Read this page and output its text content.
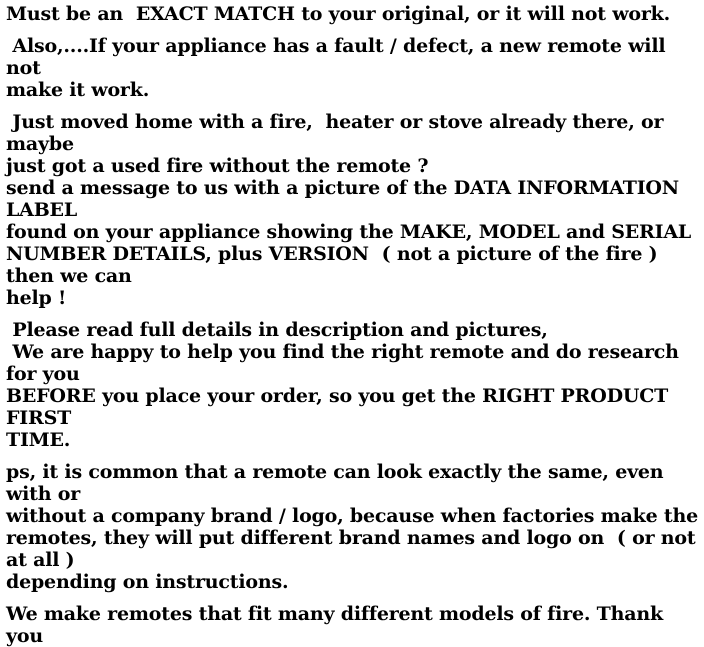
Must be an  EXACT MATCH to your original, or it will not work.
Also,....If your appliance has a fault / defect, a new remote will not
make it work.
Just moved home with a fire,  heater or stove already there, or maybe
just got a used fire without the remote ?
send a message to us with a picture of the DATA INFORMATION LABEL
found on your appliance showing the MAKE, MODEL and SERIAL
NUMBER DETAILS, plus VERSION  ( not a picture of the fire ) then we can
help !
Please read full details in description and pictures,
We are happy to help you find the right remote and do research for you
BEFORE you place your order, so you get the RIGHT PRODUCT FIRST
TIME.
ps, it is common that a remote can look exactly the same, even with or
without a company brand / logo, because when factories make the
remotes, they will put different brand names and logo on  ( or not at all )
depending on instructions.
We make remotes that fit many different models of fire. Thank you
